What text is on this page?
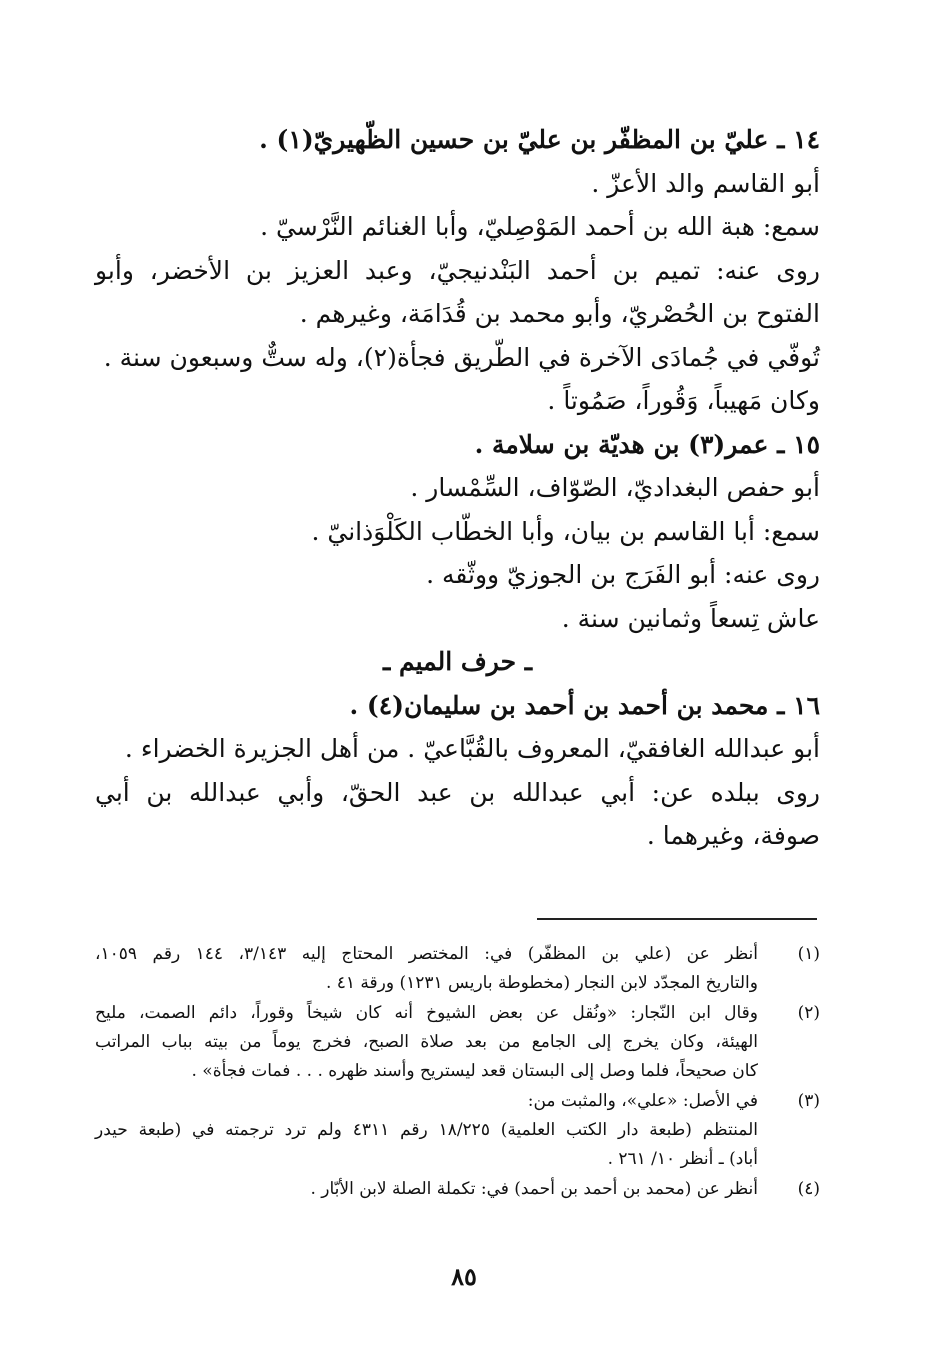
١٤ ـ عليّ بن المظفّر بن عليّ بن حسين الظّهيريّ(١) .
أبو القاسم والد الأعزّ .
سمع: هبة الله بن أحمد المَوْصِليّ، وأبا الغنائم النَّرْسيّ .
روى عنه: تميم بن أحمد البَنْدنيجيّ، وعبد العزيز بن الأخضر، وأبو
الفتوح بن الحُصْريّ، وأبو محمد بن قُدَامَة، وغيرهم .
تُوفّي في جُمادَى الآخرة في الطّريق فجأة(٢)، وله ستٌّ وسبعون سنة .
وكان مَهيباً، وَقُوراً، صَمُوتاً .
١٥ ـ عمر(٣) بن هديّة بن سلامة .
أبو حفص البغداديّ، الصّوّاف، السِّمْسار .
سمع: أبا القاسم بن بيان، وأبا الخطّاب الكَلْوَذانيّ .
روى عنه: أبو الفَرَج بن الجوزيّ ووثّقه .
عاش تِسعاً وثمانين سنة .
ـ حرف الميم ـ
١٦ ـ محمد بن أحمد بن أحمد بن سليمان(٤) .
أبو عبدالله الغافقيّ، المعروف بالقُبَّاعيّ . من أهل الجزيرة الخضراء .
روى ببلده عن: أبي عبدالله بن عبد الحقّ، وأبي عبدالله بن أبي
صوفة، وغيرهما .
(١)
أنظر عن (علي بن المظفّر) في: المختصر المحتاج إليه ٣/١٤٣، ١٤٤ رقم ١٠٥٩،
والتاريخ المجدّد لابن النجار (مخطوطة باريس ١٢٣١) ورقة ٤١ .
(٢)
وقال ابن النّجار: «ونُقل عن بعض الشيوخ أنه كان شيخاً وقوراً، دائم الصمت، مليح
الهيئة، وكان يخرج إلى الجامع من بعد صلاة الصبح، فخرج يوماً من بيته بباب المراتب
كان صحيحاً، فلما وصل إلى البستان قعد ليستريح وأسند ظهره . . . فمات فجأة» .
(٣)
في الأصل: «علي»، والمثبت من:
المنتظم (طبعة دار الكتب العلمية) ١٨/٢٢٥ رقم ٤٣١١ ولم ترد ترجمته في (طبعة حيدر
أباد) ـ أنظر ١٠/ ٢٦١ .
(٤)
أنظر عن (محمد بن أحمد بن أحمد) في: تكملة الصلة لابن الأبّار .
٨٥
